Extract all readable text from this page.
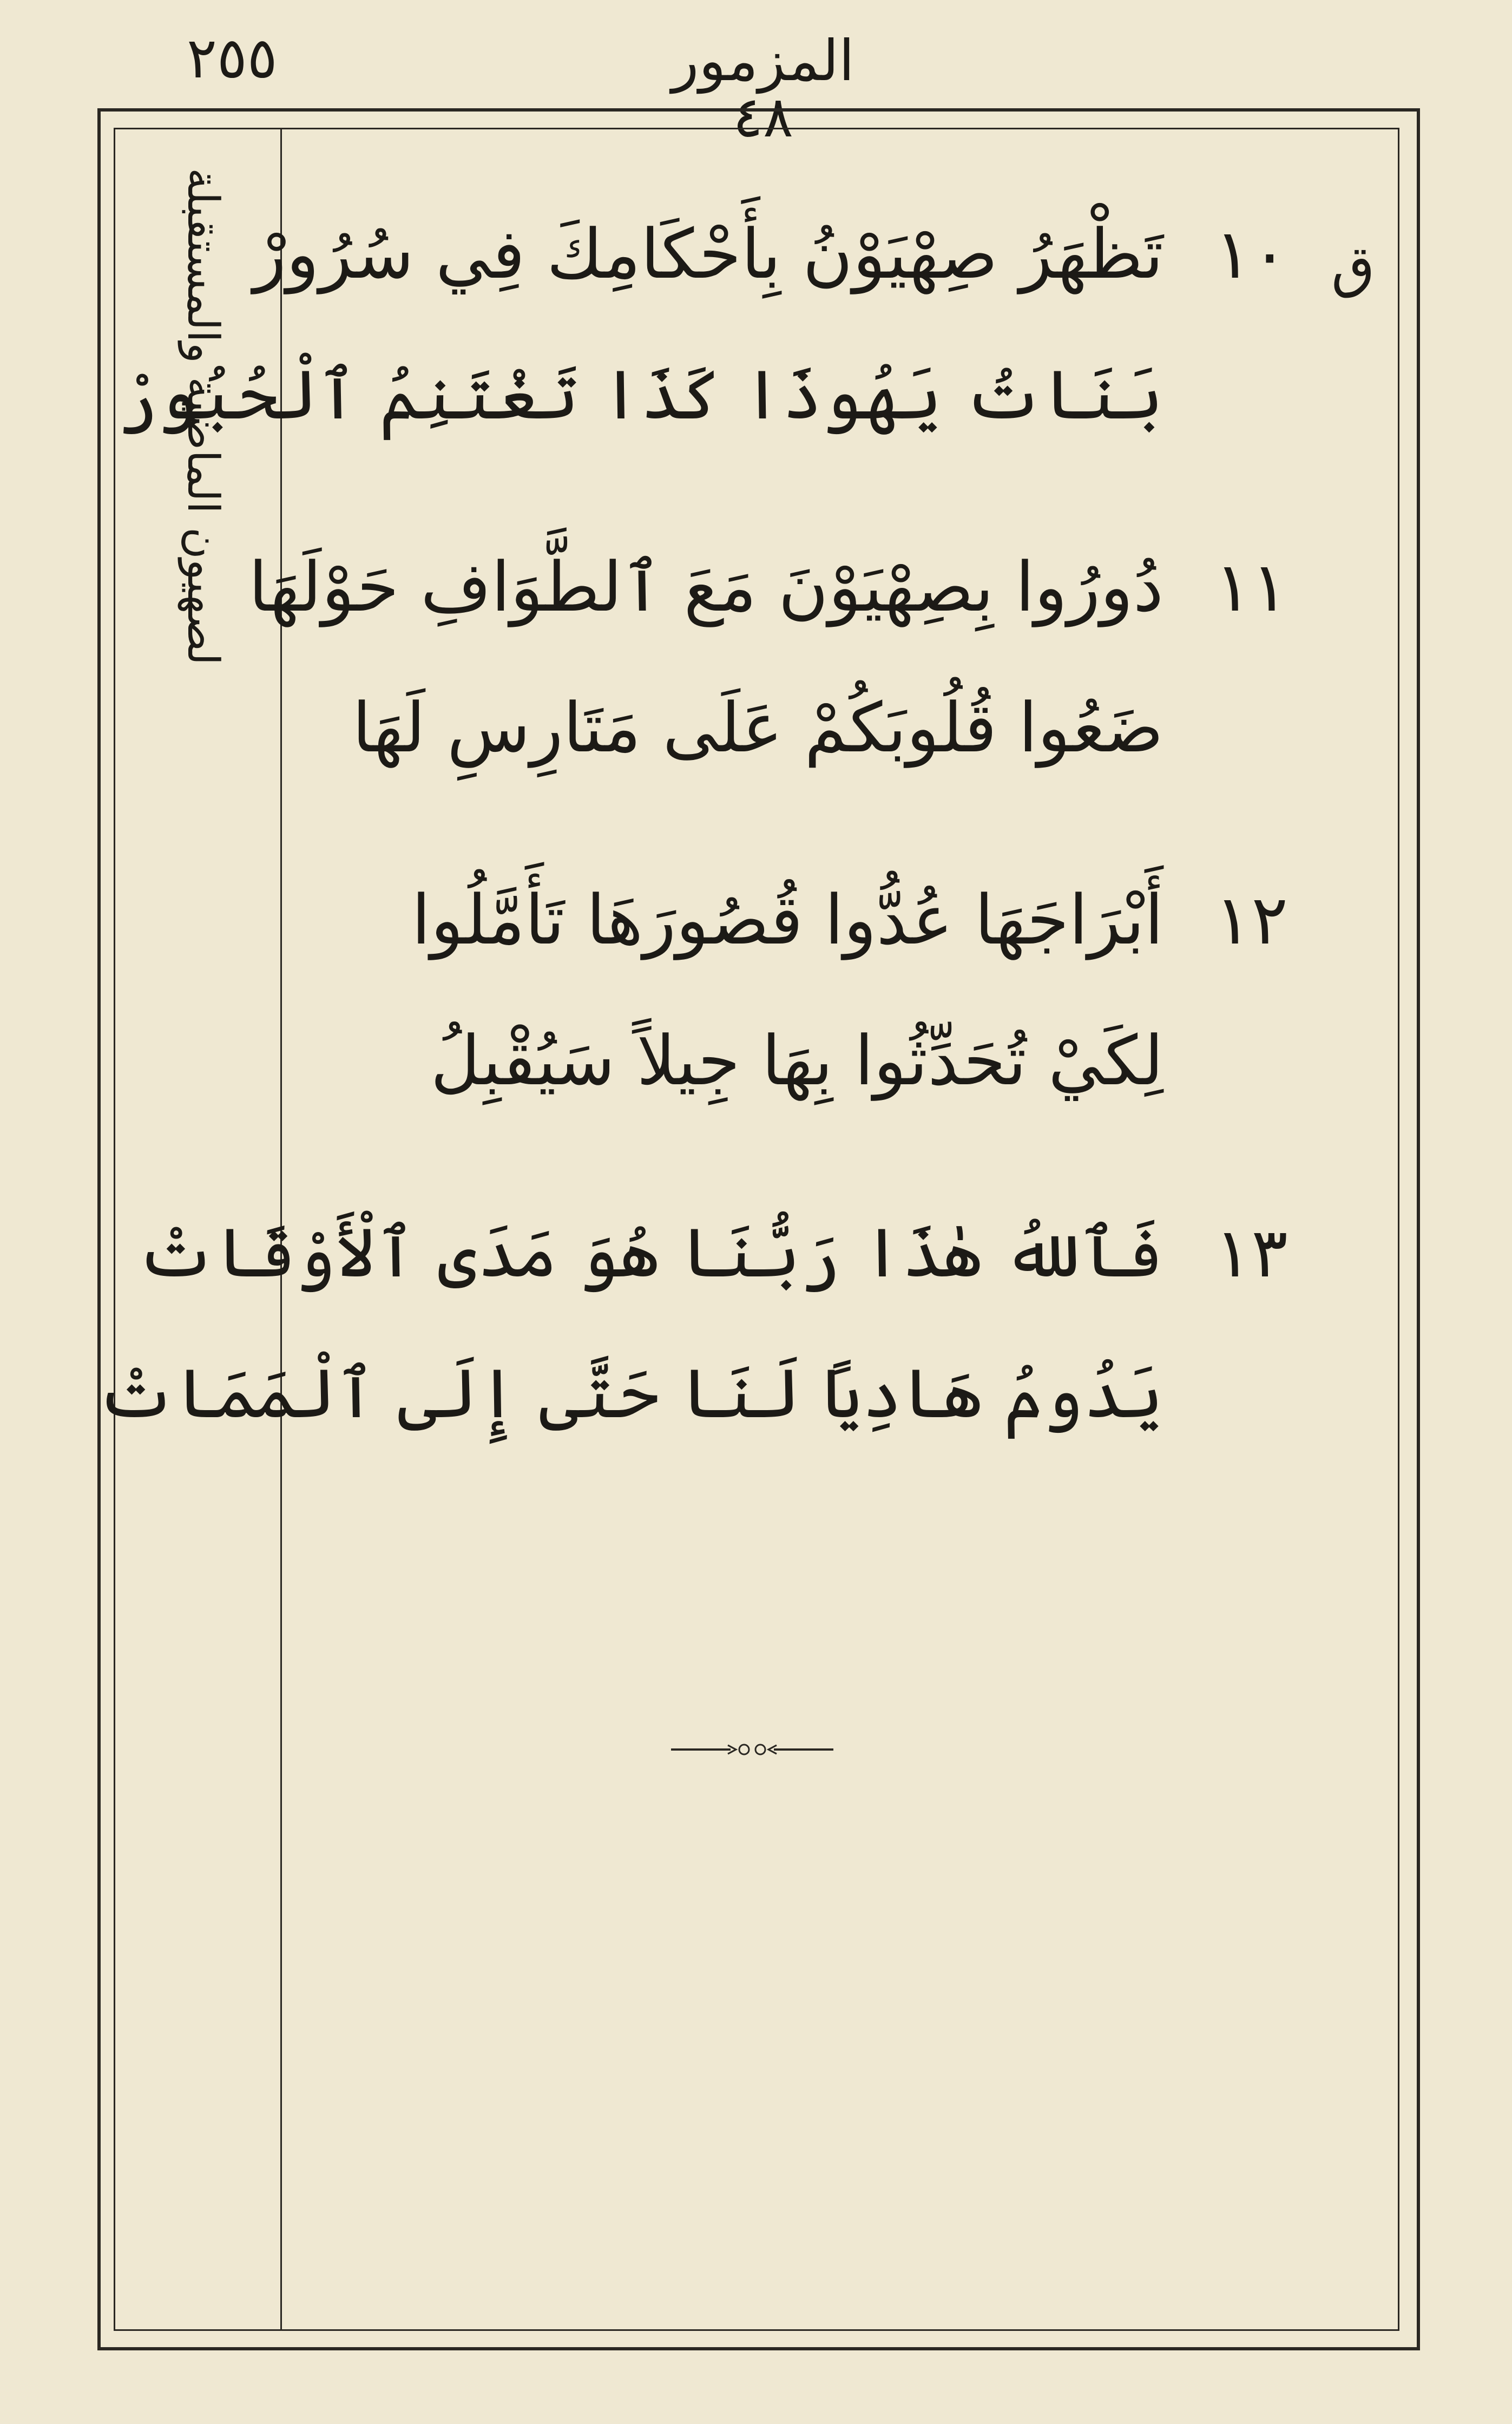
٢٥٥	المزمور ٤٨
لصهيون الماضية والمستقبلة	ق
١٠
تَظْهَرُ صِهْيَوْنُ بِأَحْكَامِكَ فِي سُرُورْ
بَنَاتُ يَهُوذَا كَذَا تَغْتَنِمُ ٱلْحُبُورْ
١١
دُورُوا بِصِهْيَوْنَ مَعَ ٱلطَّوَافِ حَوْلَهَا
ضَعُوا قُلُوبَكُمْ عَلَى مَتَارِسِ لَهَا
١٢
أَبْرَاجَهَا عُدُّوا قُصُورَهَا تَأَمَّلُوا
لِكَيْ تُحَدِّثُوا بِهَا جِيلاً سَيُقْبِلُ
١٣
فَٱللهُ هٰذَا رَبُّنَا هُوَ مَدَى ٱلْأَوْقَاتْ
يَدُومُ هَادِيًا لَنَا حَتَّى إِلَى ٱلْمَمَاتْ
